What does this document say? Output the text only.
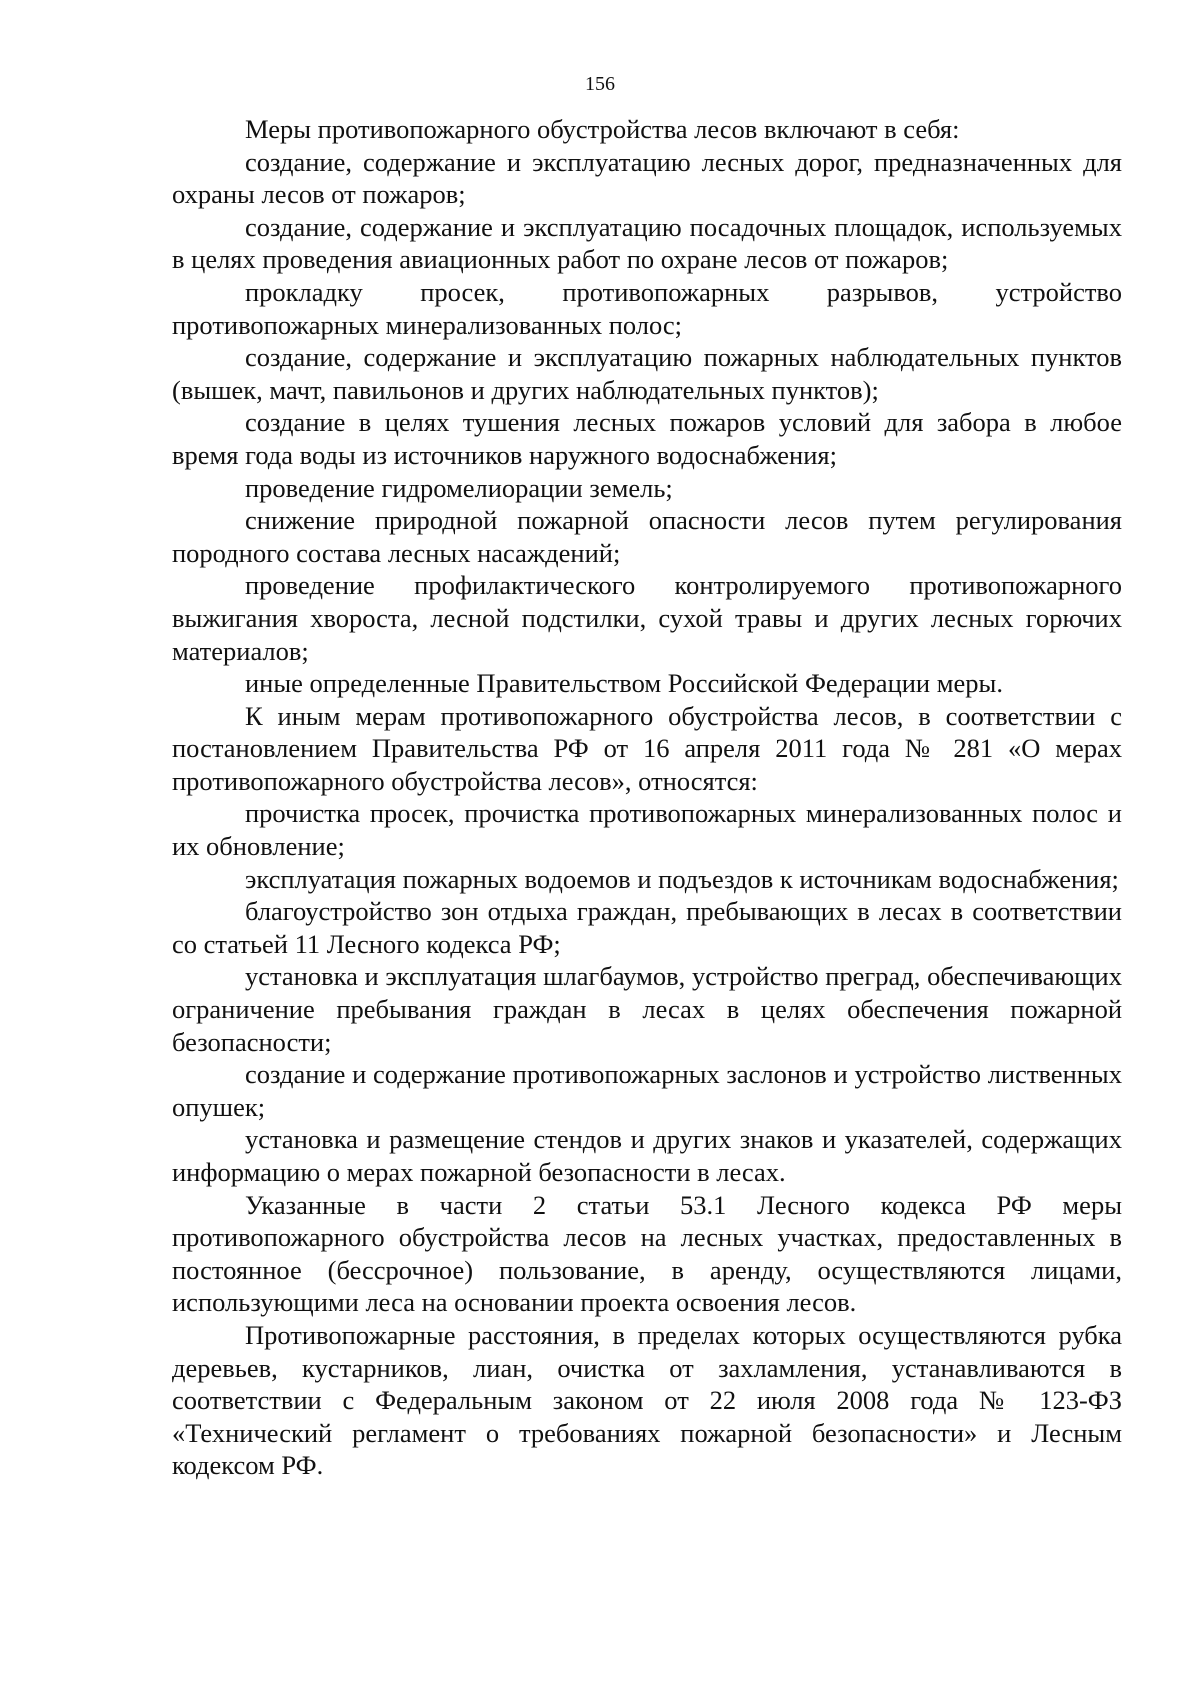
156

Меры противопожарного обустройства лесов включают в себя:

создание, содержание и эксплуатацию лесных дорог, предназначенных для охраны лесов от пожаров;

создание, содержание и эксплуатацию посадочных площадок, используемых в целях проведения авиационных работ по охране лесов от пожаров;

прокладку просек, противопожарных разрывов, устройство противопожарных минерализованных полос;

создание, содержание и эксплуатацию пожарных наблюдательных пунктов (вышек, мачт, павильонов и других наблюдательных пунктов);

создание в целях тушения лесных пожаров условий для забора в любое время года воды из источников наружного водоснабжения;

проведение гидромелиорации земель;

снижение природной пожарной опасности лесов путем регулирования породного состава лесных насаждений;

проведение профилактического контролируемого противопожарного выжигания хвороста, лесной подстилки, сухой травы и других лесных горючих материалов;

иные определенные Правительством Российской Федерации меры.

К иным мерам противопожарного обустройства лесов, в соответствии с постановлением Правительства РФ от 16 апреля 2011 года № 281 «О мерах противопожарного обустройства лесов», относятся:

прочистка просек, прочистка противопожарных минерализованных полос и их обновление;

эксплуатация пожарных водоемов и подъездов к источникам водоснабжения;

благоустройство зон отдыха граждан, пребывающих в лесах в соответствии со статьей 11 Лесного кодекса РФ;

установка и эксплуатация шлагбаумов, устройство преград, обеспечивающих ограничение пребывания граждан в лесах в целях обеспечения пожарной безопасности;

создание и содержание противопожарных заслонов и устройство лиственных опушек;

установка и размещение стендов и других знаков и указателей, содержащих информацию о мерах пожарной безопасности в лесах.

Указанные в части 2 статьи 53.1 Лесного кодекса РФ меры противопожарного обустройства лесов на лесных участках, предоставленных в постоянное (бессрочное) пользование, в аренду, осуществляются лицами, использующими леса на основании проекта освоения лесов.

Противопожарные расстояния, в пределах которых осуществляются рубка деревьев, кустарников, лиан, очистка от захламления, устанавливаются в соответствии с Федеральным законом от 22 июля 2008 года № 123-ФЗ «Технический регламент о требованиях пожарной безопасности» и Лесным кодексом РФ.
